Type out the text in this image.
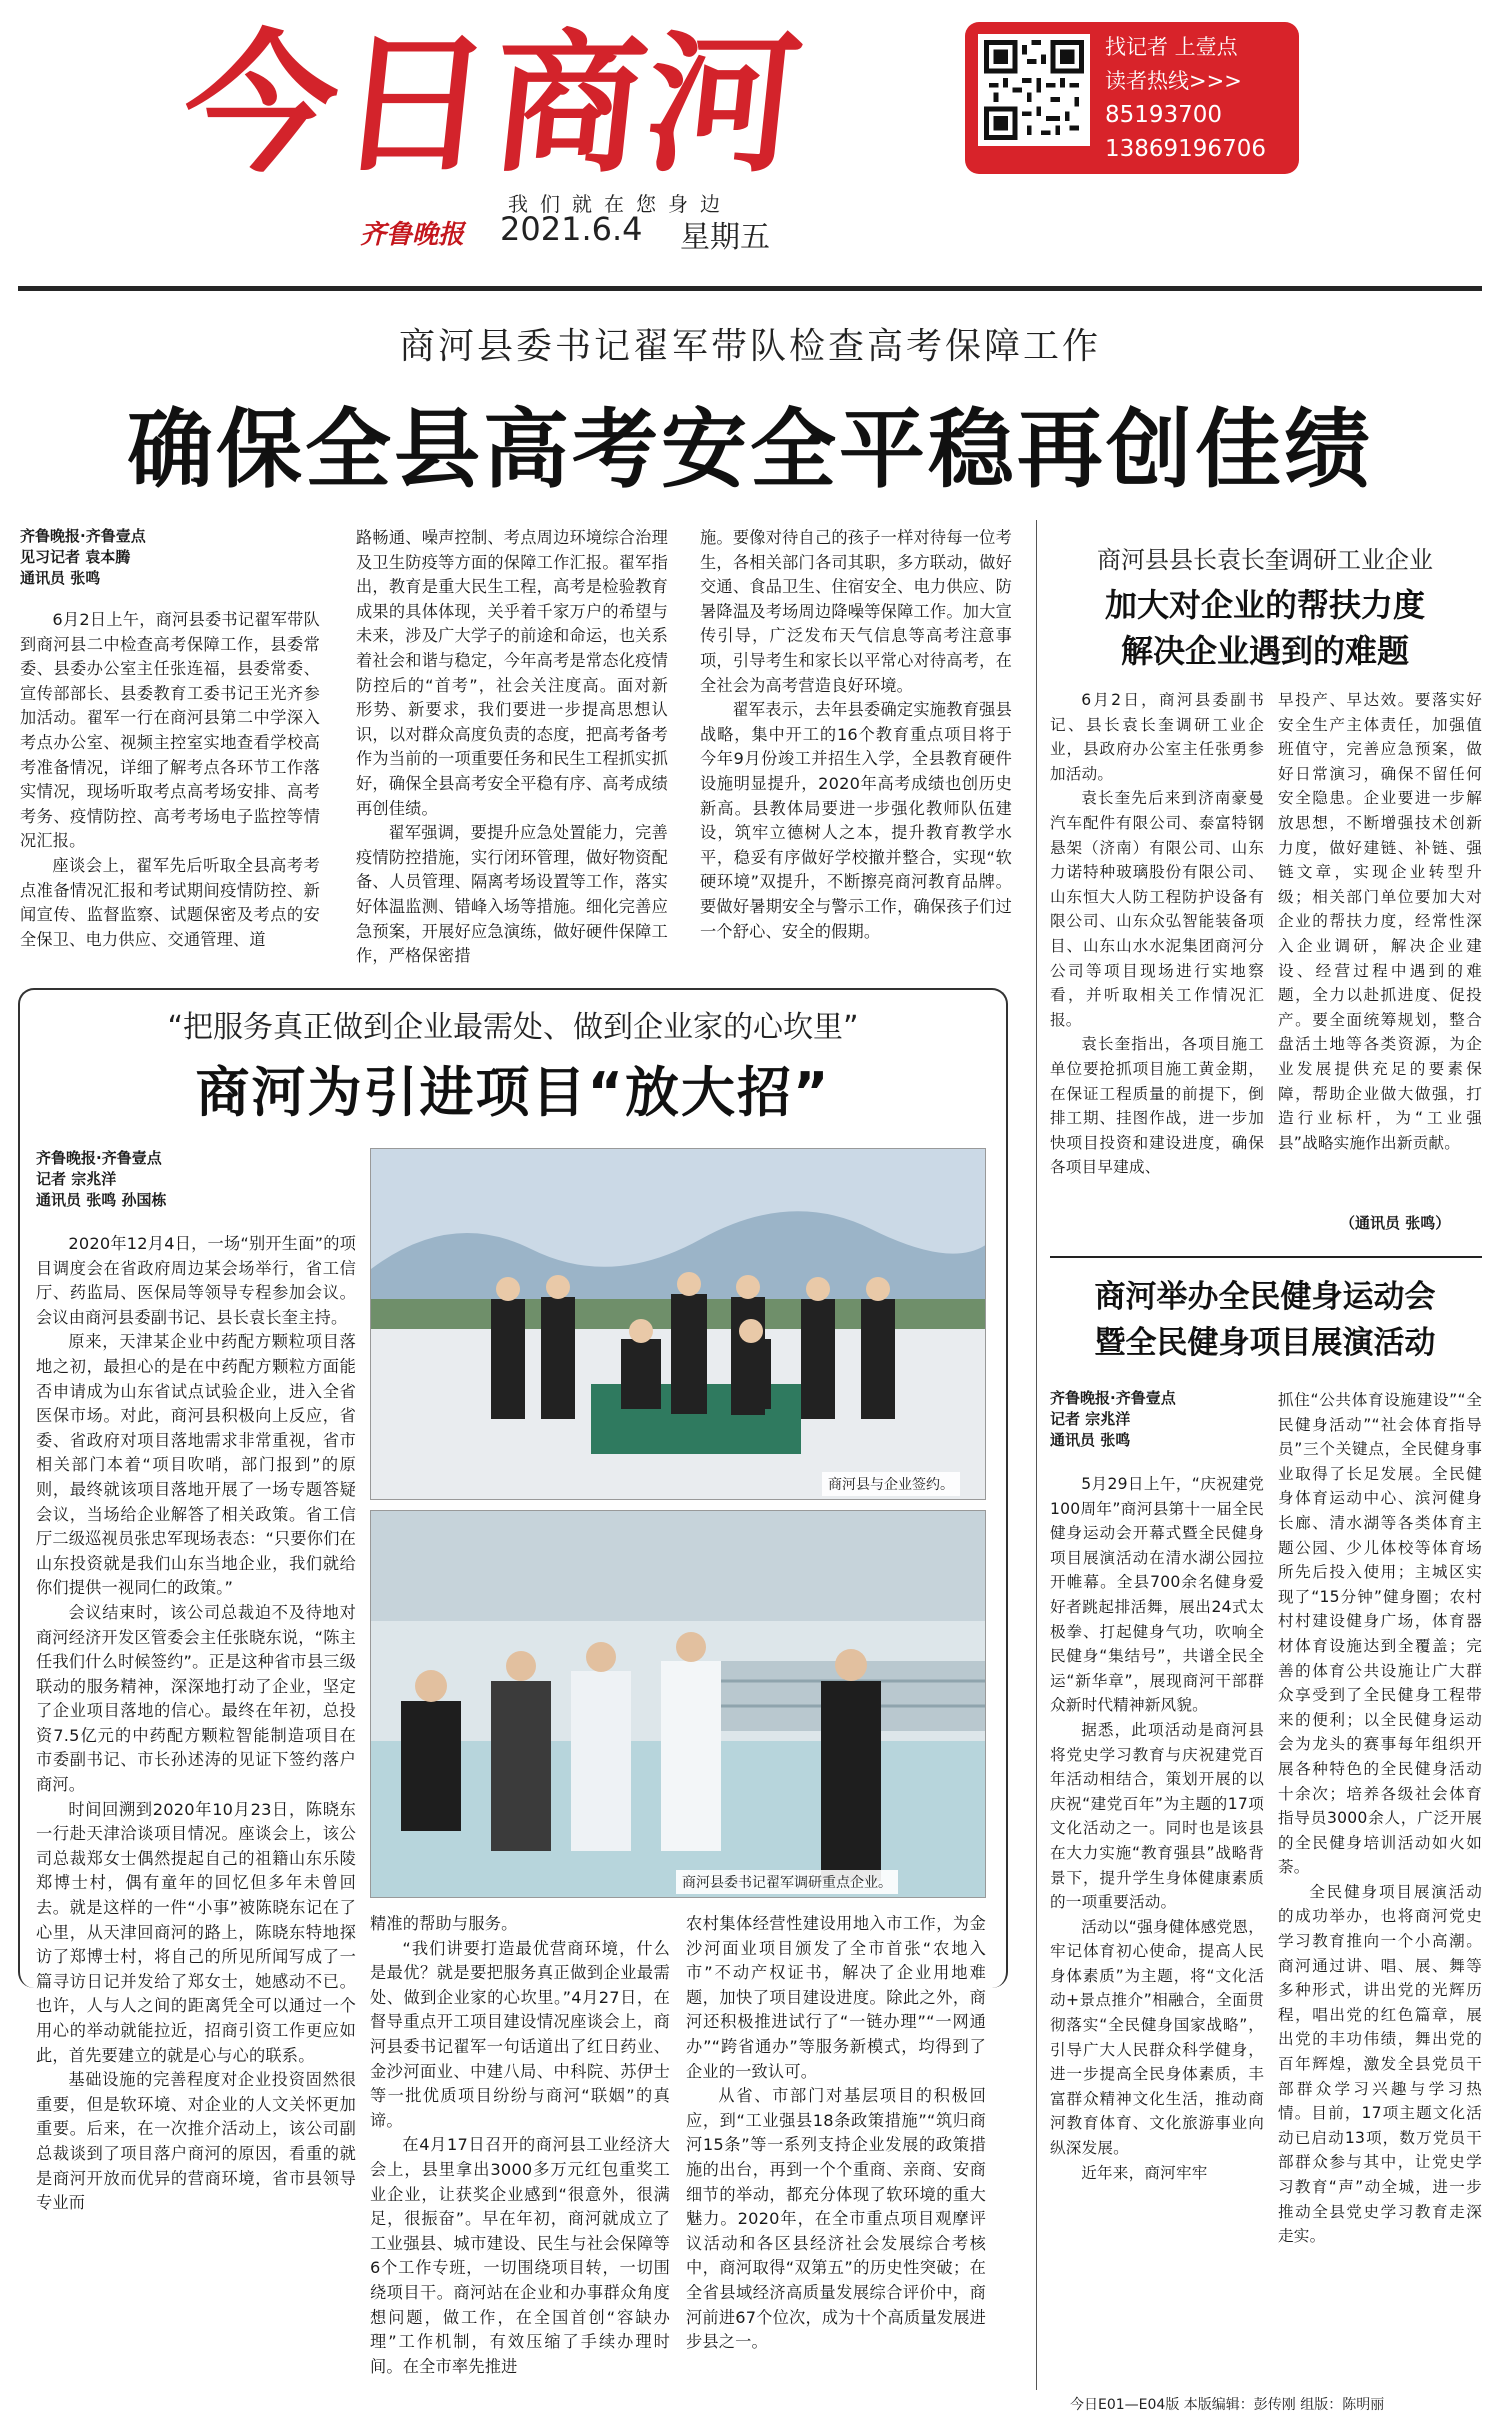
今日商河
我们就在您身边
齐鲁晚报 2021.6.4 星期五
找记者 上壹点
读者热线>>>
85193700
13869196706
商河县委书记翟军带队检查高考保障工作
确保全县高考安全平稳再创佳绩
齐鲁晚报·齐鲁壹点
见习记者 袁本腾
通讯员 张鸣

6月2日上午，商河县委书记翟军带队到商河县二中检查高考保障工作，县委常委、县委办公室主任张连福，县委常委、宣传部部长、县委教育工委书记王光齐参加活动。翟军一行在商河县第二中学深入考点办公室、视频主控室实地查看学校高考准备情况，详细了解考点各环节工作落实情况，现场听取考点高考场安排、高考考务、疫情防控、高考考场电子监控等情况汇报。

座谈会上，翟军先后听取全县高考考点准备情况汇报和考试期间疫情防控、新闻宣传、监督监察、试题保密及考点的安全保卫、电力供应、交通管理、道

路畅通、噪声控制、考点周边环境综合治理及卫生防疫等方面的保障工作汇报。翟军指出，教育是重大民生工程，高考是检验教育成果的具体体现，关乎着千家万户的希望与未来，涉及广大学子的前途和命运，也关系着社会和谐与稳定，今年高考是常态化疫情防控后的“首考”，社会关注度高。面对新形势、新要求，我们要进一步提高思想认识，以对群众高度负责的态度，把高考备考作为当前的一项重要任务和民生工程抓实抓好，确保全县高考安全平稳有序、高考成绩再创佳绩。

翟军强调，要提升应急处置能力，完善疫情防控措施，实行闭环管理，做好物资配备、人员管理、隔离考场设置等工作，落实好体温监测、错峰入场等措施。细化完善应急预案，开展好应急演练，做好硬件保障工作，严格保密措

施。要像对待自己的孩子一样对待每一位考生，各相关部门各司其职，多方联动，做好交通、食品卫生、住宿安全、电力供应、防暑降温及考场周边降噪等保障工作。加大宣传引导，广泛发布天气信息等高考注意事项，引导考生和家长以平常心对待高考，在全社会为高考营造良好环境。

翟军表示，去年县委确定实施教育强县战略，集中开工的16个教育重点项目将于今年9月份竣工并招生入学，全县教育硬件设施明显提升，2020年高考成绩也创历史新高。县教体局要进一步强化教师队伍建设，筑牢立德树人之本，提升教育教学水平，稳妥有序做好学校撤并整合，实现“软硬环境”双提升，不断擦亮商河教育品牌。要做好暑期安全与警示工作，确保孩子们过一个舒心、安全的假期。

“把服务真正做到企业最需处、做到企业家的心坎里”
商河为引进项目“放大招”
齐鲁晚报·齐鲁壹点
记者 宗兆洋
通讯员 张鸣 孙国栋

2020年12月4日，一场“别开生面”的项目调度会在省政府周边某会场举行，省工信厅、药监局、医保局等领导专程参加会议。会议由商河县委副书记、县长袁长奎主持。

原来，天津某企业中药配方颗粒项目落地之初，最担心的是在中药配方颗粒方面能否申请成为山东省试点试验企业，进入全省医保市场。对此，商河县积极向上反应，省委、省政府对项目落地需求非常重视，省市相关部门本着“项目吹哨，部门报到”的原则，最终就该项目落地开展了一场专题答疑会议，当场给企业解答了相关政策。省工信厅二级巡视员张忠军现场表态：“只要你们在山东投资就是我们山东当地企业，我们就给你们提供一视同仁的政策。”

会议结束时，该公司总裁迫不及待地对商河经济开发区管委会主任张晓东说，“陈主任我们什么时候签约”。正是这种省市县三级联动的服务精神，深深地打动了企业，坚定了企业项目落地的信心。最终在年初，总投资7.5亿元的中药配方颗粒智能制造项目在市委副书记、市长孙述涛的见证下签约落户商河。

时间回溯到2020年10月23日，陈晓东一行赴天津洽谈项目情况。座谈会上，该公司总裁郑女士偶然提起自己的祖籍山东乐陵郑博士村，偶有童年的回忆但多年未曾回去。就是这样的一件“小事”被陈晓东记在了心里，从天津回商河的路上，陈晓东特地探访了郑博士村，将自己的所见所闻写成了一篇寻访日记并发给了郑女士，她感动不已。也许，人与人之间的距离凭全可以通过一个用心的举动就能拉近，招商引资工作更应如此，首先要建立的就是心与心的联系。

基础设施的完善程度对企业投资固然很重要，但是软环境、对企业的人文关怀更加重要。后来，在一次推介活动上，该公司副总裁谈到了项目落户商河的原因，看重的就是商河开放而优异的营商环境，省市县领导专业而

商河县与企业签约。
商河县委书记翟军调研重点企业。

精准的帮助与服务。

“我们讲要打造最优营商环境，什么是最优？就是要把服务真正做到企业最需处、做到企业家的心坎里。”4月27日，在督导重点开工项目建设情况座谈会上，商河县委书记翟军一句话道出了红日药业、金沙河面业、中建八局、中科院、苏伊士等一批优质项目纷纷与商河“联姻”的真谛。

在4月17日召开的商河县工业经济大会上，县里拿出3000多万元红包重奖工业企业，让获奖企业感到“很意外，很满足，很振奋”。早在年初，商河就成立了工业强县、城市建设、民生与社会保障等6个工作专班，一切围绕项目转，一切围绕项目干。商河站在企业和办事群众角度想问题，做工作，在全国首创“容缺办理”工作机制，有效压缩了手续办理时间。在全市率先推进

农村集体经营性建设用地入市工作，为金沙河面业项目颁发了全市首张“农地入市”不动产权证书，解决了企业用地难题，加快了项目建设进度。除此之外，商河还积极推进试行了“一链办理”“一网通办”“跨省通办”等服务新模式，均得到了企业的一致认可。

从省、市部门对基层项目的积极回应，到“工业强县18条政策措施”“筑归商河15条”等一系列支持企业发展的政策措施的出台，再到一个个重商、亲商、安商细节的举动，都充分体现了软环境的重大魅力。2020年，在全市重点项目观摩评议活动和各区县经济社会发展综合考核中，商河取得“双第五”的历史性突破；在全省县域经济高质量发展综合评价中，商河前进67个位次，成为十个高质量发展进步县之一。

商河县县长袁长奎调研工业企业
加大对企业的帮扶力度
解决企业遇到的难题

6月2日，商河县委副书记、县长袁长奎调研工业企业，县政府办公室主任张勇参加活动。

袁长奎先后来到济南豪曼汽车配件有限公司、泰富特钢悬架（济南）有限公司、山东力诺特种玻璃股份有限公司、山东恒大人防工程防护设备有限公司、山东众弘智能装备项目、山东山水水泥集团商河分公司等项目现场进行实地察看，并听取相关工作情况汇报。

袁长奎指出，各项目施工单位要抢抓项目施工黄金期，在保证工程质量的前提下，倒排工期、挂图作战，进一步加快项目投资和建设进度，确保各项目早建成、

早投产、早达效。要落实好安全生产主体责任，加强值班值守，完善应急预案，做好日常演习，确保不留任何安全隐患。企业要进一步解放思想，不断增强技术创新力度，做好建链、补链、强链文章，实现企业转型升级；相关部门单位要加大对企业的帮扶力度，经常性深入企业调研，解决企业建设、经营过程中遇到的难题，全力以赴抓进度、促投产。要全面统筹规划，整合盘活土地等各类资源，为企业发展提供充足的要素保障，帮助企业做大做强，打造行业标杆，为“工业强县”战略实施作出新贡献。

（通讯员 张鸣）
商河举办全民健身运动会
暨全民健身项目展演活动
齐鲁晚报·齐鲁壹点
记者 宗兆洋
通讯员 张鸣

5月29日上午，“庆祝建党100周年”商河县第十一届全民健身运动会开幕式暨全民健身项目展演活动在清水湖公园拉开帷幕。全县700余名健身爱好者跳起排活舞，展出24式太极拳、打起健身气功，吹响全民健身“集结号”，共谱全民全运“新华章”，展现商河干部群众新时代精神新风貌。

据悉，此项活动是商河县将党史学习教育与庆祝建党百年活动相结合，策划开展的以庆祝“建党百年”为主题的17项文化活动之一。同时也是该县在大力实施“教育强县”战略背景下，提升学生身体健康素质的一项重要活动。

活动以“强身健体感党恩，牢记体育初心使命，提高人民身体素质”为主题，将“文化活动+景点推介”相融合，全面贯彻落实“全民健身国家战略”，引导广大人民群众科学健身，进一步提高全民身体素质，丰富群众精神文化生活，推动商河教育体育、文化旅游事业向纵深发展。

近年来，商河牢牢

抓住“公共体育设施建设”“全民健身活动”“社会体育指导员”三个关键点，全民健身事业取得了长足发展。全民健身体育运动中心、滨河健身长廊、清水湖等各类体育主题公园、少儿体校等体育场所先后投入使用；主城区实现了“15分钟”健身圈；农村村村建设健身广场，体育器材体育设施达到全覆盖；完善的体育公共设施让广大群众享受到了全民健身工程带来的便利；以全民健身运动会为龙头的赛事每年组织开展各种特色的全民健身活动十余次；培养各级社会体育指导员3000余人，广泛开展的全民健身培训活动如火如荼。

全民健身项目展演活动的成功举办，也将商河党史学习教育推向一个小高潮。商河通过讲、唱、展、舞等多种形式，讲出党的光辉历程，唱出党的红色篇章，展出党的丰功伟绩，舞出党的百年辉煌，激发全县党员干部群众学习兴趣与学习热情。目前，17项主题文化活动已启动13项，数万党员干部群众参与其中，让党史学习教育“声”动全城，进一步推动全县党史学习教育走深走实。

今日E01—E04版 本版编辑：彭传刚 组版：陈明丽
